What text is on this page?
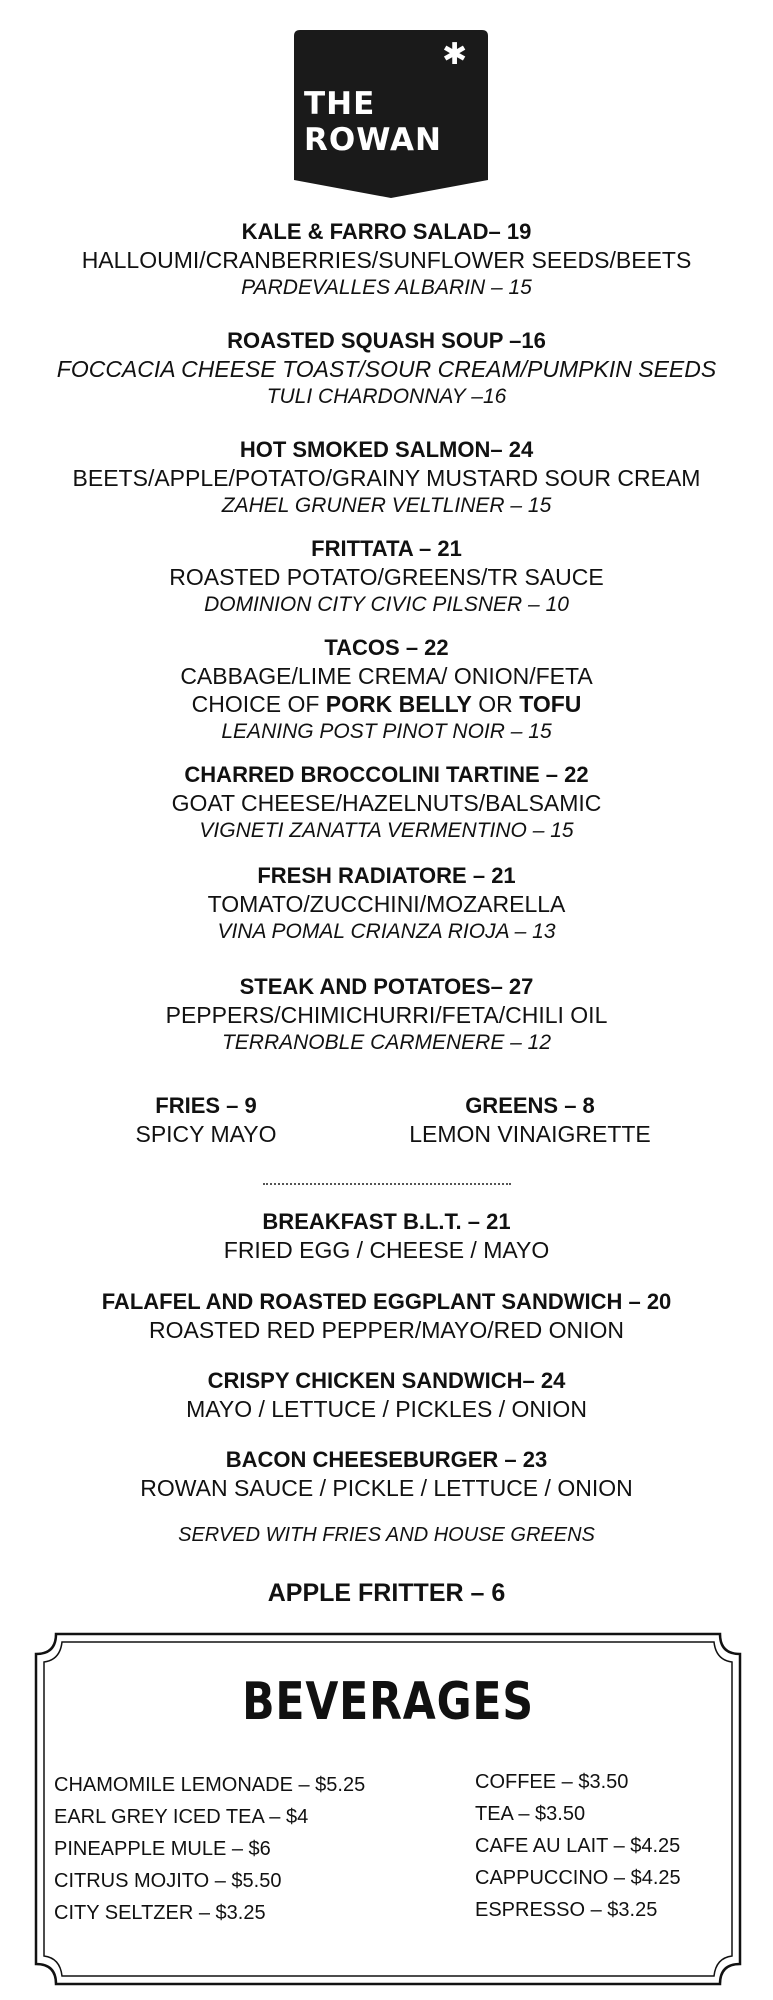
✱
THE
ROWAN
KALE & FARRO SALAD– 19
HALLOUMI/CRANBERRIES/SUNFLOWER SEEDS/BEETS
PARDEVALLES ALBARIN – 15
ROASTED SQUASH SOUP –16
FOCCACIA CHEESE TOAST/SOUR CREAM/PUMPKIN SEEDS
TULI CHARDONNAY –16
HOT SMOKED SALMON– 24
BEETS/APPLE/POTATO/GRAINY MUSTARD SOUR CREAM
ZAHEL GRUNER VELTLINER – 15
FRITTATA – 21
ROASTED POTATO/GREENS/TR SAUCE
DOMINION CITY CIVIC PILSNER – 10
TACOS – 22
CABBAGE/LIME CREMA/ ONION/FETA
CHOICE OF PORK BELLY OR TOFU
LEANING POST PINOT NOIR – 15
CHARRED BROCCOLINI TARTINE – 22
GOAT CHEESE/HAZELNUTS/BALSAMIC
VIGNETI ZANATTA VERMENTINO – 15
FRESH RADIATORE – 21
TOMATO/ZUCCHINI/MOZARELLA
VINA POMAL CRIANZA RIOJA – 13
STEAK AND POTATOES– 27
PEPPERS/CHIMICHURRI/FETA/CHILI OIL
TERRANOBLE CARMENERE – 12
FRIES – 9
SPICY MAYO
GREENS – 8
LEMON VINAIGRETTE
BREAKFAST B.L.T. – 21
FRIED EGG / CHEESE / MAYO
FALAFEL AND ROASTED EGGPLANT SANDWICH – 20
ROASTED RED PEPPER/MAYO/RED ONION
CRISPY CHICKEN SANDWICH– 24
MAYO / LETTUCE / PICKLES / ONION
BACON CHEESEBURGER – 23
ROWAN SAUCE / PICKLE / LETTUCE / ONION
SERVED WITH FRIES AND HOUSE GREENS
APPLE FRITTER – 6
BEVERAGES
CHAMOMILE LEMONADE – $5.25
EARL GREY ICED TEA – $4
PINEAPPLE MULE – $6
CITRUS MOJITO – $5.50
CITY SELTZER – $3.25
COFFEE – $3.50
TEA – $3.50
CAFE AU LAIT – $4.25
CAPPUCCINO – $4.25
ESPRESSO – $3.25
